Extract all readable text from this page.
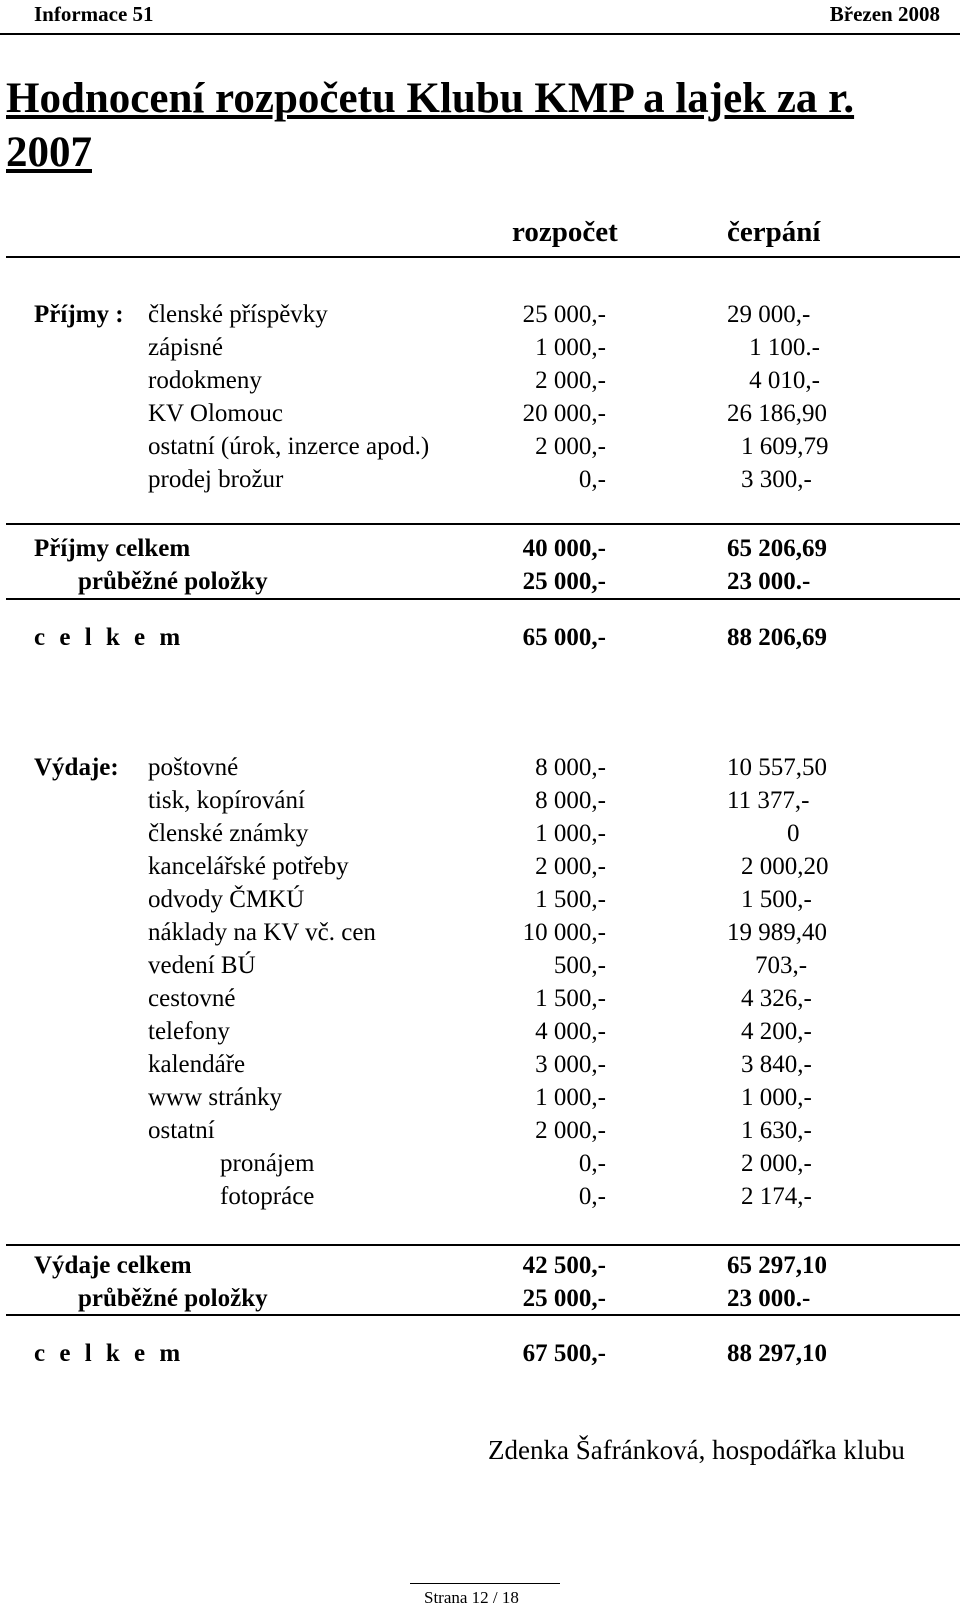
Informace 51	Březen 2008
Hodnocení rozpočetu Klubu KMP a lajek za r. 2007
rozpočet	čerpání
Příjmy : členské příspěvky	25 000,-	29 000,-
zápisné	1 000,-	1 100.-
rodokmeny	2 000,-	4 010,-
KV Olomouc	20 000,-	26 186,90
ostatní (úrok, inzerce apod.)	2 000,-	1 609,79
prodej brožur	0,-	3 300,-
Příjmy celkem	40 000,-	65 206,69
průběžné položky	25 000,-	23 000.-
c e l k e m	65 000,-	88 206,69
Výdaje: poštovné	8 000,-	10 557,50
tisk, kopírování	8 000,-	11 377,-
členské známky	1 000,-	0
kancelářské potřeby	2 000,-	2 000,20
odvody ČMKÚ	1 500,-	1 500,-
náklady na KV vč. cen	10 000,-	19 989,40
vedení BÚ	500,-	703,-
cestovné	1 500,-	4 326,-
telefony	4 000,-	4 200,-
kalendáře	3 000,-	3 840,-
www stránky	1 000,-	1 000,-
ostatní	2 000,-	1 630,-
pronájem	0,-	2 000,-
fotopráce	0,-	2 174,-
Výdaje celkem	42 500,-	65 297,10
průběžné položky	25 000,-	23 000.-
c e l k e m	67 500,-	88 297,10
Zdenka Šafránková, hospodářka klubu
Strana 12 / 18
